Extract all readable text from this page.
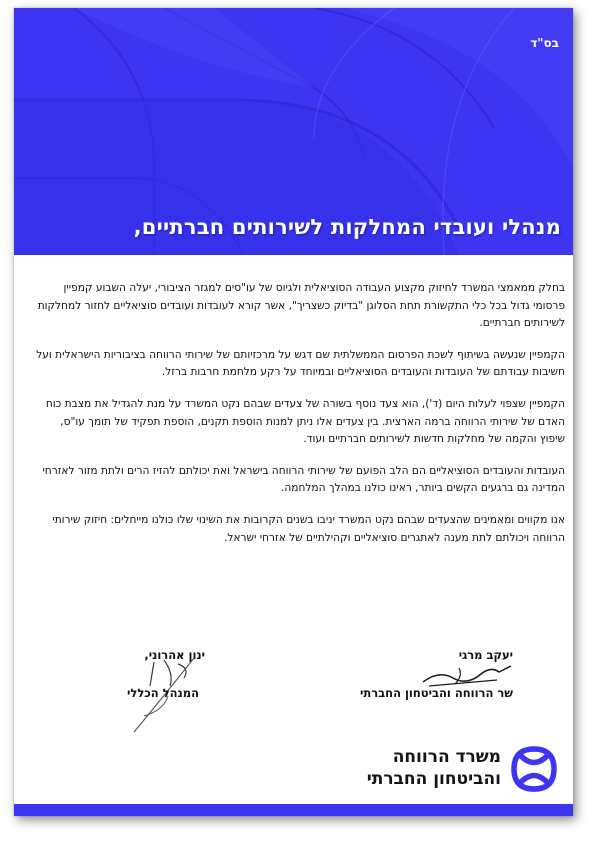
בס"ד
מנהלי ועובדי המחלקות לשירותים חברתיים,

בחלק ממאמצי המשרד לחיזוק מקצוע העבודה הסוציאלית ולגיוס של עו"סים למגזר הציבורי, יעלה השבוע קמפיין פרסומי גדול בכל כלי התקשורת תחת הסלוגן "בדיוק כשצריך", אשר קורא לעובדות ועובדים סוציאליים לחזור למחלקות לשירותים חברתיים.

הקמפיין שנעשה בשיתוף לשכת הפרסום הממשלתית שם דגש על מרכזיותם של שירותי הרווחה בציבוריות הישראלית ועל חשיבות עבודתם של העובדות והעובדים הסוציאליים ובמיוחד על רקע מלחמת חרבות ברזל.

הקמפיין שצפוי לעלות היום (ד'), הוא צעד נוסף בשורה של צעדים שבהם נקט המשרד על מנת להגדיל את מצבת כוח האדם של שירותי הרווחה ברמה הארצית. בין צעדים אלו ניתן למנות הוספת תקנים, הוספת תפקיד של תומך עו"ס, שיפוץ והקמה של מחלקות חדשות לשירותים חברתיים ועוד.

העובדות והעובדים הסוציאליים הם הלב הפועם של שירותי הרווחה בישראל ואת יכולתם להזיז הרים ולתת מזור לאזרחי המדינה גם ברגעים הקשים ביותר, ראינו כולנו במהלך המלחמה.

אנו מקווים ומאמינים שהצעדים שבהם נקט המשרד יניבו בשנים הקרובות את השינוי שלו כולנו מייחלים: חיזוק שירותי הרווחה ויכולתם לתת מענה לאתגרים סוציאליים וקהילתיים של אזרחי ישראל.

יעקב מרגי
שר הרווחה והביטחון החברתי
ינון אהרוני,
המנהל הכללי
משרד הרווחה
והביטחון החברתי
